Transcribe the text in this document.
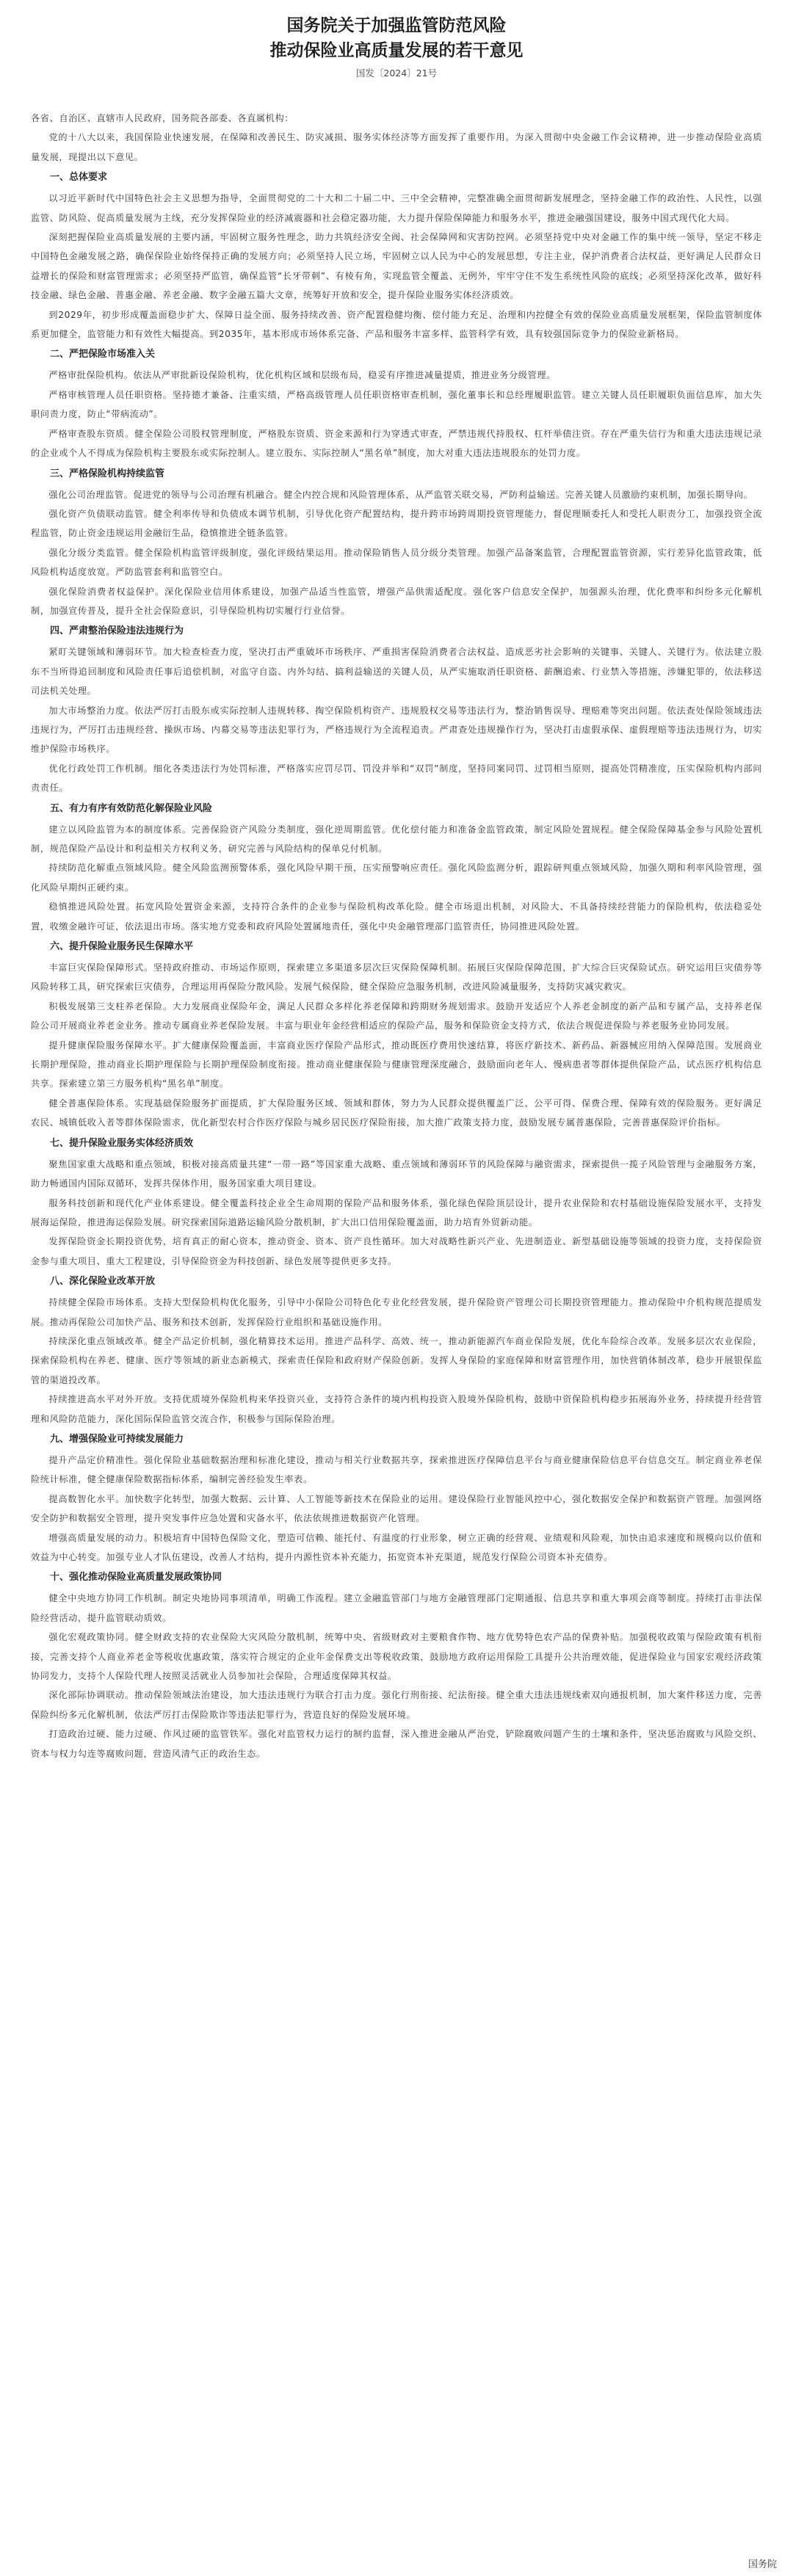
国务院关于加强监管防范风险
推动保险业高质量发展的若干意见
国发〔2024〕21号

各省、自治区、直辖市人民政府，国务院各部委、各直属机构：

党的十八大以来，我国保险业快速发展，在保障和改善民生、防灾减损、服务实体经济等方面发挥了重要作用。为深入贯彻中央金融工作会议精神，进一步推动保险业高质量发展，现提出以下意见。

一、总体要求

以习近平新时代中国特色社会主义思想为指导，全面贯彻党的二十大和二十届二中、三中全会精神，完整准确全面贯彻新发展理念，坚持金融工作的政治性、人民性，以强监管、防风险、促高质量发展为主线，充分发挥保险业的经济减震器和社会稳定器功能，大力提升保险保障能力和服务水平，推进金融强国建设，服务中国式现代化大局。

深刻把握保险业高质量发展的主要内涵，牢固树立服务性理念，助力共筑经济安全阀、社会保障网和灾害防控网。必须坚持党中央对金融工作的集中统一领导，坚定不移走中国特色金融发展之路，确保保险业始终保持正确的发展方向；必须坚持人民立场，牢固树立以人民为中心的发展思想，专注主业，保护消费者合法权益，更好满足人民群众日益增长的保险和财富管理需求；必须坚持严监管，确保监管“长牙带刺”、有棱有角，实现监管全覆盖、无例外，牢牢守住不发生系统性风险的底线；必须坚持深化改革，做好科技金融、绿色金融、普惠金融、养老金融、数字金融五篇大文章，统筹好开放和安全，提升保险业服务实体经济质效。

到2029年，初步形成覆盖面稳步扩大、保障日益全面、服务持续改善、资产配置稳健均衡、偿付能力充足、治理和内控健全有效的保险业高质量发展框架，保险监管制度体系更加健全，监管能力和有效性大幅提高。到2035年，基本形成市场体系完备、产品和服务丰富多样、监管科学有效，具有较强国际竞争力的保险业新格局。

二、严把保险市场准入关

严格审批保险机构。依法从严审批新设保险机构，优化机构区域和层级布局，稳妥有序推进减量提质，推进业务分级管理。

严格审核管理人员任职资格。坚持德才兼备、注重实绩，严格高级管理人员任职资格审查机制，强化董事长和总经理履职监管。建立关键人员任职履职负面信息库，加大失职问责力度，防止“带病流动”。

严格审查股东资质。健全保险公司股权管理制度，严格股东资质、资金来源和行为穿透式审查，严禁违规代持股权、杠杆举债注资。存在严重失信行为和重大违法违规记录的企业或个人不得成为保险机构主要股东或实际控制人。建立股东、实际控制人“黑名单”制度，加大对重大违法违规股东的处罚力度。

三、严格保险机构持续监管

强化公司治理监管。促进党的领导与公司治理有机融合。健全内控合规和风险管理体系，从严监管关联交易，严防利益输送。完善关键人员激励约束机制，加强长期导向。

强化资产负债联动监管。健全利率传导和负债成本调节机制，引导优化资产配置结构，提升跨市场跨周期投资管理能力，督促理顺委托人和受托人职责分工，加强投资全流程监管，防止资金违规运用金融衍生品，稳慎推进全链条监管。

强化分级分类监管。健全保险机构监管评级制度，强化评级结果运用。推动保险销售人员分级分类管理。加强产品备案监管，合理配置监管资源，实行差异化监管政策，低风险机构适度放宽。严防监管套利和监管空白。

强化保险消费者权益保护。深化保险业信用体系建设，加强产品适当性监管，增强产品供需适配度。强化客户信息安全保护，加强源头治理，优化费率和纠纷多元化解机制，加强宣传普及，提升全社会保险意识，引导保险机构切实履行行业信誉。

四、严肃整治保险违法违规行为

紧盯关键领域和薄弱环节。加大检查检查力度，坚决打击严重破坏市场秩序、严重损害保险消费者合法权益、造成恶劣社会影响的关键事、关键人、关键行为。依法建立股东不当所得追回制度和风险责任事后追偿机制，对监守自盗、内外勾结、搞利益输送的关键人员，从严实施取消任职资格、薪酬追索、行业禁入等措施，涉嫌犯罪的，依法移送司法机关处理。

加大市场整治力度。依法严厉打击股东或实际控制人违规转移、掏空保险机构资产、违规股权交易等违法行为，整治销售误导、理赔难等突出问题。依法查处保险领域违法违规行为，严厉打击违规经营、操纵市场、内幕交易等违法犯罪行为，严格违规行为全流程追责。严肃查处违规操作行为，坚决打击虚假承保、虚假理赔等违法违规行为，切实维护保险市场秩序。

优化行政处罚工作机制。细化各类违法行为处罚标准，严格落实应罚尽罚、罚没并举和“双罚”制度，坚持同案同罚、过罚相当原则，提高处罚精准度，压实保险机构内部问责责任。

五、有力有序有效防范化解保险业风险

建立以风险监管为本的制度体系。完善保险资产风险分类制度，强化逆周期监管。优化偿付能力和准备金监管政策，制定风险处置规程。健全保险保障基金参与风险处置机制，规范保险产品设计和利益相关方权利义务，研究完善与风险结构的保单兑付机制。

持续防范化解重点领域风险。健全风险监测预警体系，强化风险早期干预，压实预警响应责任。强化风险监测分析，跟踪研判重点领域风险，加强久期和利率风险管理，强化风险早期纠正硬约束。

稳慎推进风险处置。拓宽风险处置资金来源，支持符合条件的企业参与保险机构改革化险。健全市场退出机制，对风险大、不具备持续经营能力的保险机构，依法稳妥处置，收缴金融许可证，依法退出市场。落实地方党委和政府风险处置属地责任，强化中央金融管理部门监管责任，协同推进风险处置。

六、提升保险业服务民生保障水平

丰富巨灾保险保障形式。坚持政府推动、市场运作原则，探索建立多渠道多层次巨灾保险保障机制。拓展巨灾保险保障范围，扩大综合巨灾保险试点。研究运用巨灾债券等风险转移工具，研究探索巨灾债券，合理运用再保险分散风险。发展气候保险，健全保险应急服务机制，改进风险减量服务，支持防灾减灾救灾。

积极发展第三支柱养老保险。大力发展商业保险年金，满足人民群众多样化养老保障和跨期财务规划需求。鼓励开发适应个人养老金制度的新产品和专属产品，支持养老保险公司开展商业养老金业务。推动专属商业养老保险发展。丰富与职业年金经营相适应的保险产品，服务和保险资金支持方式，依法合规促进保险与养老服务业协同发展。

提升健康保险服务保障水平。扩大健康保险覆盖面，丰富商业医疗保险产品形式，推动既医疗费用快速结算，将医疗新技术、新药品、新器械应用纳入保障范围。发展商业长期护理保险，推动商业长期护理保险与长期护理保险制度衔接。推动商业健康保险与健康管理深度融合，鼓励面向老年人、慢病患者等群体提供保险产品，试点医疗机构信息共享。探索建立第三方服务机构“黑名单”制度。

健全普惠保险体系。实现基础保险服务扩面提质，扩大保险服务区域、领域和群体，努力为人民群众提供覆盖广泛、公平可得、保费合理、保障有效的保险服务。更好满足农民、城镇低收入者等群体保险需求，优化新型农村合作医疗保险与城乡居民医疗保险衔接，加大推广政策支持力度，鼓励发展专属普惠保险，完善普惠保险评价指标。

七、提升保险业服务实体经济质效

聚焦国家重大战略和重点领域，积极对接高质量共建“一带一路”等国家重大战略、重点领域和薄弱环节的风险保障与融资需求，探索提供一揽子风险管理与金融服务方案，助力畅通国内国际双循环，发挥共保体作用，服务国家重大项目建设。

服务科技创新和现代化产业体系建设。健全覆盖科技企业全生命周期的保险产品和服务体系，强化绿色保险顶层设计，提升农业保险和农村基础设施保险发展水平，支持发展海运保险，推进海运保险发展。研究探索国际道路运输风险分散机制，扩大出口信用保险覆盖面，助力培育外贸新动能。

发挥保险资金长期投资优势，培育真正的耐心资本，推动资金、资本、资产良性循环。加大对战略性新兴产业、先进制造业、新型基础设施等领域的投资力度，支持保险资金参与重大项目、重大工程建设，引导保险资金为科技创新、绿色发展等提供更多支持。

八、深化保险业改革开放

持续健全保险市场体系。支持大型保险机构优化服务，引导中小保险公司特色化专业化经营发展，提升保险资产管理公司长期投资管理能力。推动保险中介机构规范提质发展。推动再保险公司加快产品、服务和技术创新，发挥保险行业组织和基础设施作用。

持续深化重点领域改革。健全产品定价机制，强化精算技术运用。推进产品科学、高效、统一，推动新能源汽车商业保险发展，优化车险综合改革。发展多层次农业保险，探索保险机构在养老、健康、医疗等领域的新业态新模式，探索责任保险和政府财产保险创新。发挥人身保险的家庭保障和财富管理作用，加快营销体制改革，稳步开展银保监管的渠道投改革。

持续推进高水平对外开放。支持优质境外保险机构来华投资兴业，支持符合条件的境内机构投资入股境外保险机构，鼓励中资保险机构稳步拓展海外业务，持续提升经营管理和风险防范能力，深化国际保险监管交流合作，积极参与国际保险治理。

九、增强保险业可持续发展能力

提升产品定价精准性。强化保险业基础数据治理和标准化建设，推动与相关行业数据共享，探索推进医疗保障信息平台与商业健康保险信息平台信息交互。制定商业养老保险统计标准，健全健康保险数据指标体系，编制完善经验发生率表。

提高数智化水平。加快数字化转型，加强大数据、云计算、人工智能等新技术在保险业的运用。建设保险行业智能风控中心，强化数据安全保护和数据资产管理。加强网络安全防护和数据安全管理，提升突发事件应急处置和灾备水平，依法依规推进数据资产化管理。

增强高质量发展的动力。积极培育中国特色保险文化，塑造可信赖、能托付、有温度的行业形象，树立正确的经营观、业绩观和风险观，加快由追求速度和规模向以价值和效益为中心转变。加强专业人才队伍建设，改善人才结构，提升内源性资本补充能力，拓宽资本补充渠道，规范发行保险公司资本补充债券。

十、强化推动保险业高质量发展政策协同

健全中央地方协同工作机制。制定央地协同事项清单，明确工作流程。建立金融监管部门与地方金融管理部门定期通报、信息共享和重大事项会商等制度。持续打击非法保险经营活动，提升监管联动质效。

强化宏观政策协同。健全财政支持的农业保险大灾风险分散机制，统筹中央、省级财政对主要粮食作物、地方优势特色农产品的保费补贴。加强税收政策与保险政策有机衔接，完善支持个人商业养老金等税收优惠政策，落实符合规定的企业年金保费支出等税收政策，鼓励地方政府运用保险工具提升公共治理效能，促进保险业与国家宏观经济政策协同发力，支持个人保险代理人按照灵活就业人员参加社会保险，合理适度保障其权益。

深化部际协调联动。推动保险领域法治建设，加大违法违规行为联合打击力度。强化行刑衔接、纪法衔接。健全重大违法违规线索双向通报机制，加大案件移送力度，完善保险纠纷多元化解机制，依法严厉打击保险欺诈等违法犯罪行为，营造良好的保险发展环境。

打造政治过硬、能力过硬、作风过硬的监管铁军。强化对监管权力运行的制约监督，深入推进金融从严治党，铲除腐败问题产生的土壤和条件，坚决惩治腐败与风险交织、资本与权力勾连等腐败问题，营造风清气正的政治生态。

国务院
